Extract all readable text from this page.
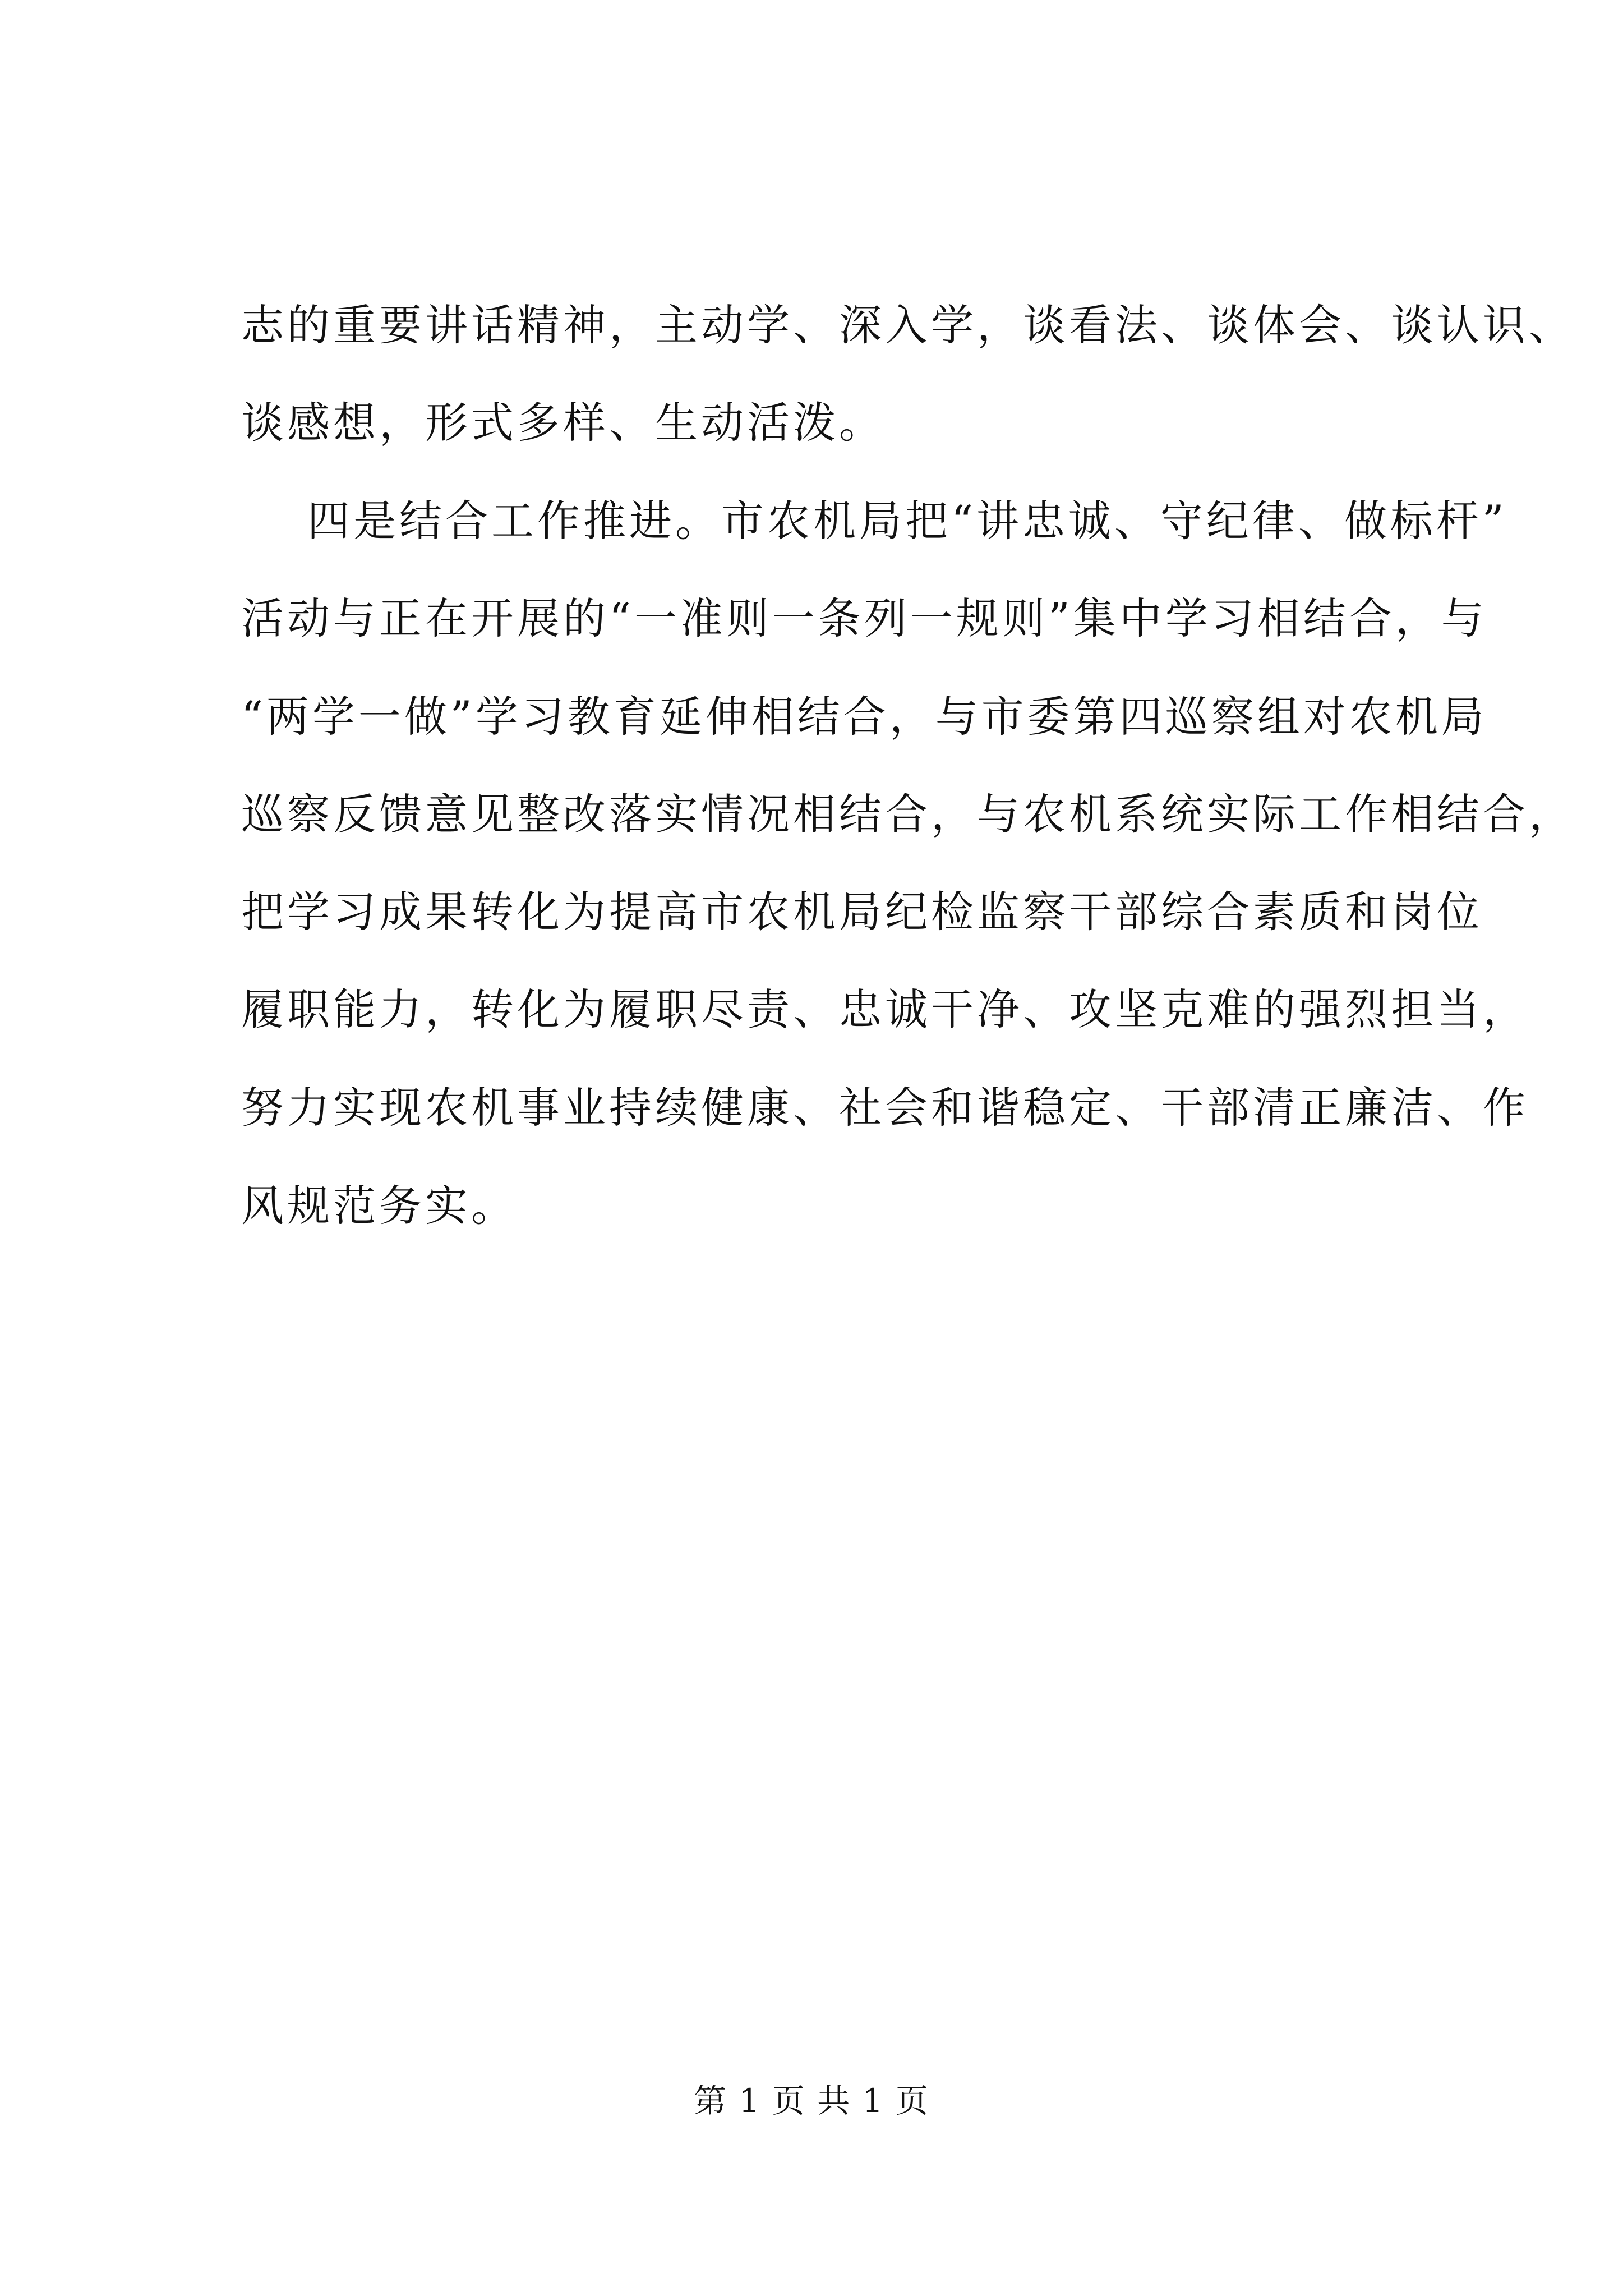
志的重要讲话精神，主动学、深入学，谈看法、谈体会、谈认识、
谈感想，形式多样、生动活泼。
四是结合工作推进。市农机局把“讲忠诚、守纪律、做标杆”
活动与正在开展的“一准则一条列一规则”集中学习相结合，与
“两学一做”学习教育延伸相结合，与市委第四巡察组对农机局
巡察反馈意见整改落实情况相结合，与农机系统实际工作相结合，
把学习成果转化为提高市农机局纪检监察干部综合素质和岗位
履职能力，转化为履职尽责、忠诚干净、攻坚克难的强烈担当，
努力实现农机事业持续健康、社会和谐稳定、干部清正廉洁、作
风规范务实。
第 1 页 共 1 页
